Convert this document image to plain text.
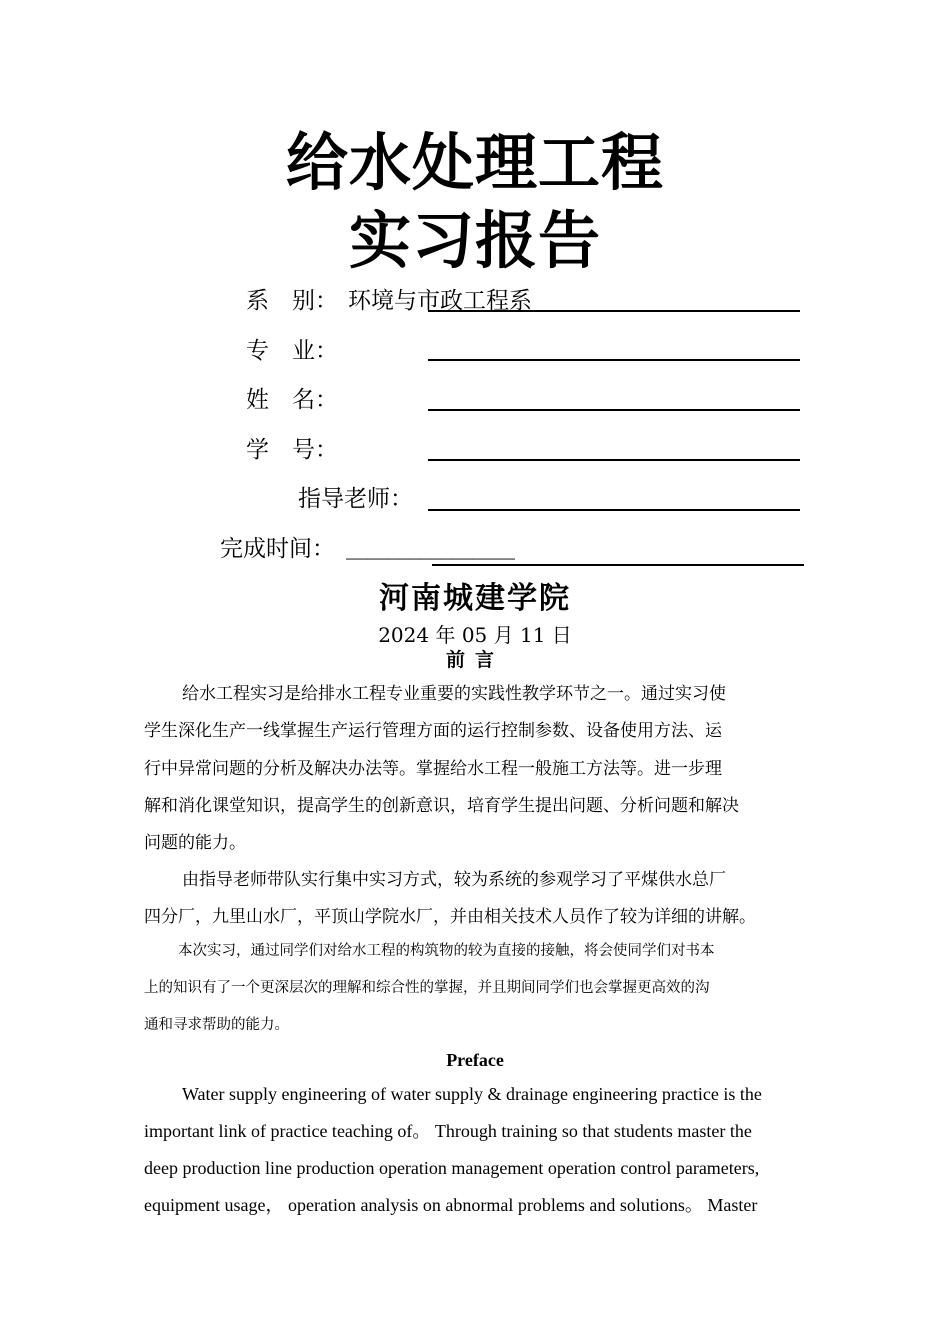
给水处理工程
实习报告
系　别： 环境与市政工程系
专　业：
姓　名：
学　号：
指导老师：
完成时间： ________________
河南城建学院
2024 年 05 月 11 日
前言
给水工程实习是给排水工程专业重要的实践性教学环节之一。通过实习使
学生深化生产一线掌握生产运行管理方面的运行控制参数、设备使用方法、运
行中异常问题的分析及解决办法等。掌握给水工程一般施工方法等。进一步理
解和消化课堂知识，提高学生的创新意识，培育学生提出问题、分析问题和解决
问题的能力。
由指导老师带队实行集中实习方式，较为系统的参观学习了平煤供水总厂
四分厂，九里山水厂，平顶山学院水厂，并由相关技术人员作了较为详细的讲解。
本次实习，通过同学们对给水工程的构筑物的较为直接的接触，将会使同学们对书本
上的知识有了一个更深层次的理解和综合性的掌握，并且期间同学们也会掌握更高效的沟
通和寻求帮助的能力。
Preface
Water supply engineering of water supply & drainage engineering practice is the
important link of practice teaching of。 Through training so that students master the
deep production line production operation management operation control parameters,
equipment usage， operation analysis on abnormal problems and solutions。 Master
